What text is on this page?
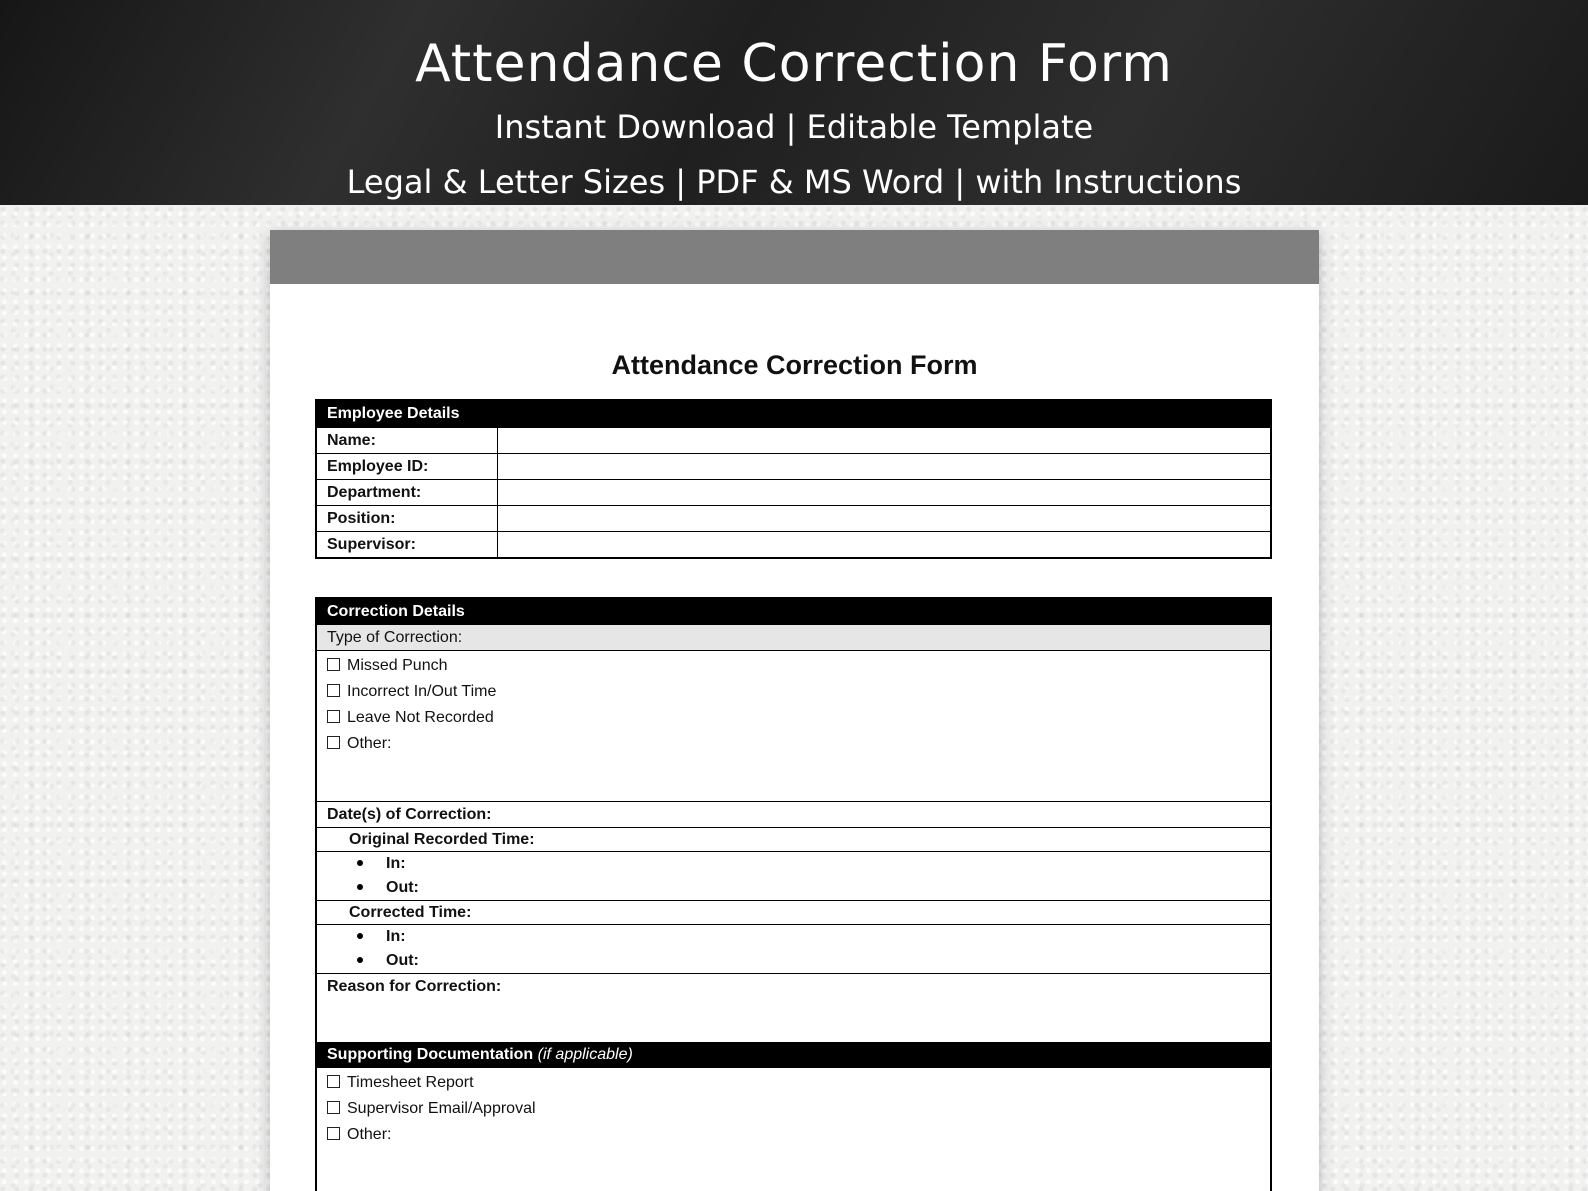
Attendance Correction Form
Instant Download | Editable Template
Legal & Letter Sizes | PDF & MS Word | with Instructions
Attendance Correction Form
Employee Details
Name:
Employee ID:
Department:
Position:
Supervisor:
Correction Details
Type of Correction:
Missed Punch
Incorrect In/Out Time
Leave Not Recorded
Other:
Date(s) of Correction:
Original Recorded Time:
In:
Out:
Corrected Time:
In:
Out:
Reason for Correction:
Supporting Documentation (if applicable)
Timesheet Report
Supervisor Email/Approval
Other:
